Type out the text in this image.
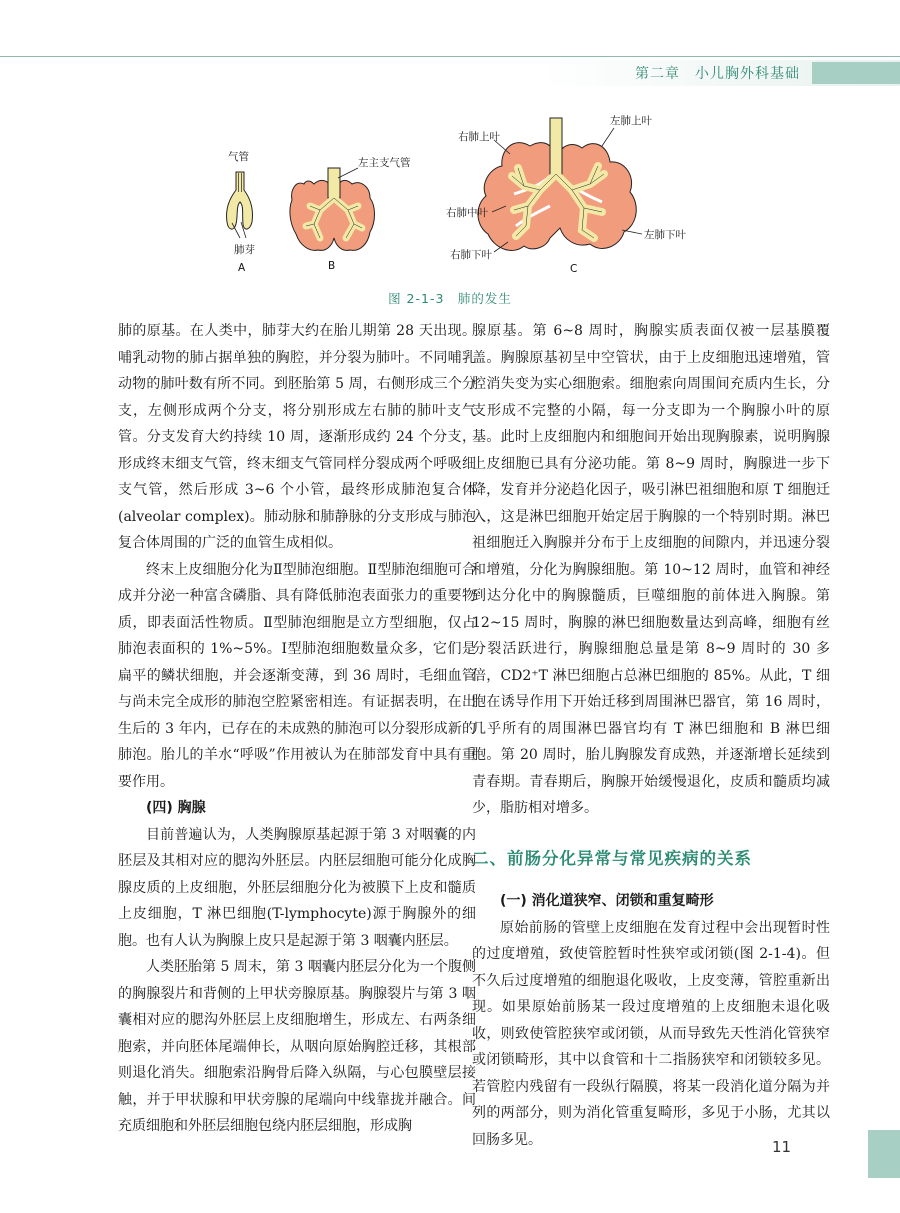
第二章　小儿胸外科基础
气管
肺芽
A
左主支气管
B
右肺上叶
左肺上叶
右肺中叶
右肺下叶
左肺下叶
C
图 2-1-3　肺的发生

肺的原基。在人类中，肺芽大约在胎儿期第 28 天出现。哺乳动物的肺占据单独的胸腔，并分裂为肺叶。不同哺乳动物的肺叶数有所不同。到胚胎第 5 周，右侧形成三个分支，左侧形成两个分支，将分别形成左右肺的肺叶支气管。分支发育大约持续 10 周，逐渐形成约 24 个分支，形成终末细支气管，终末细支气管同样分裂成两个呼吸细支气管，然后形成 3~6 个小管，最终形成肺泡复合体(alveolar complex)。肺动脉和肺静脉的分支形成与肺泡复合体周围的广泛的血管生成相似。

终末上皮细胞分化为Ⅱ型肺泡细胞。Ⅱ型肺泡细胞可合成并分泌一种富含磷脂、具有降低肺泡表面张力的重要物质，即表面活性物质。Ⅱ型肺泡细胞是立方型细胞，仅占肺泡表面积的 1%~5%。Ⅰ型肺泡细胞数量众多，它们是扁平的鳞状细胞，并会逐渐变薄，到 36 周时，毛细血管与尚未完全成形的肺泡空腔紧密相连。有证据表明，在出生后的 3 年内，已存在的未成熟的肺泡可以分裂形成新的肺泡。胎儿的羊水“呼吸”作用被认为在肺部发育中具有重要作用。

(四) 胸腺

目前普遍认为，人类胸腺原基起源于第 3 对咽囊的内胚层及其相对应的腮沟外胚层。内胚层细胞可能分化成胸腺皮质的上皮细胞，外胚层细胞分化为被膜下上皮和髓质上皮细胞，T 淋巴细胞(T-lymphocyte)源于胸腺外的细胞。也有人认为胸腺上皮只是起源于第 3 咽囊内胚层。

人类胚胎第 5 周末，第 3 咽囊内胚层分化为一个腹侧的胸腺裂片和背侧的上甲状旁腺原基。胸腺裂片与第 3 咽囊相对应的腮沟外胚层上皮细胞增生，形成左、右两条细胞索，并向胚体尾端伸长，从咽向原始胸腔迁移，其根部则退化消失。细胞索沿胸骨后降入纵隔，与心包膜壁层接触，并于甲状腺和甲状旁腺的尾端向中线靠拢并融合。间充质细胞和外胚层细胞包绕内胚层细胞，形成胸

腺原基。第 6~8 周时，胸腺实质表面仅被一层基膜覆盖。胸腺原基初呈中空管状，由于上皮细胞迅速增殖，管腔消失变为实心细胞索。细胞索向周围间充质内生长，分支形成不完整的小隔，每一分支即为一个胸腺小叶的原基。此时上皮细胞内和细胞间开始出现胸腺素，说明胸腺上皮细胞已具有分泌功能。第 8~9 周时，胸腺进一步下降，发育并分泌趋化因子，吸引淋巴祖细胞和原 T 细胞迁入，这是淋巴细胞开始定居于胸腺的一个特别时期。淋巴祖细胞迁入胸腺并分布于上皮细胞的间隙内，并迅速分裂和增殖，分化为胸腺细胞。第 10~12 周时，血管和神经到达分化中的胸腺髓质，巨噬细胞的前体进入胸腺。第 12~15 周时，胸腺的淋巴细胞数量达到高峰，细胞有丝分裂活跃进行，胸腺细胞总量是第 8~9 周时的 30 多倍，CD2⁺T 淋巴细胞占总淋巴细胞的 85%。从此，T 细胞在诱导作用下开始迁移到周围淋巴器官，第 16 周时，几乎所有的周围淋巴器官均有 T 淋巴细胞和 B 淋巴细胞。第 20 周时，胎儿胸腺发育成熟，并逐渐增长延续到青春期。青春期后，胸腺开始缓慢退化，皮质和髓质均减少，脂肪相对增多。

二、前肠分化异常与常见疾病的关系
(一) 消化道狭窄、闭锁和重复畸形

原始前肠的管壁上皮细胞在发育过程中会出现暂时性的过度增殖，致使管腔暂时性狭窄或闭锁(图 2-1-4)。但不久后过度增殖的细胞退化吸收，上皮变薄，管腔重新出现。如果原始前肠某一段过度增殖的上皮细胞未退化吸收，则致使管腔狭窄或闭锁，从而导致先天性消化管狭窄或闭锁畸形，其中以食管和十二指肠狭窄和闭锁较多见。若管腔内残留有一段纵行隔膜，将某一段消化道分隔为并列的两部分，则为消化管重复畸形，多见于小肠，尤其以回肠多见。	11
